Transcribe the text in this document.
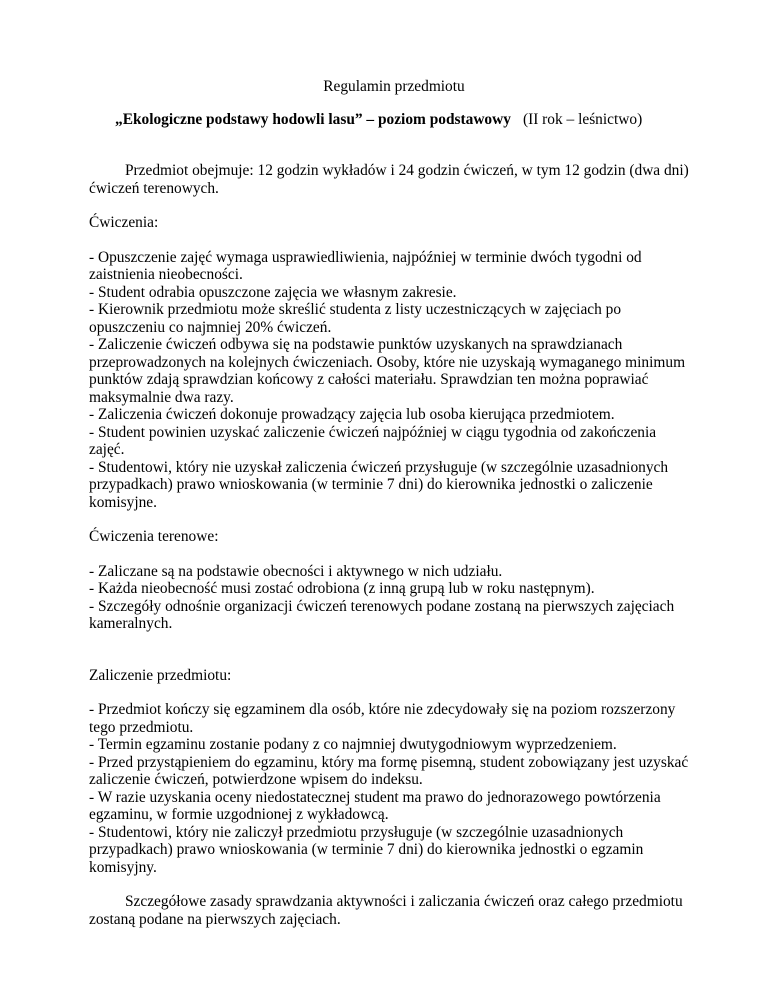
Regulamin przedmiotu

„Ekologiczne podstawy hodowli lasu” – poziom podstawowy (II rok – leśnictwo)

Przedmiot obejmuje: 12 godzin wykładów i 24 godzin ćwiczeń, w tym 12 godzin (dwa dni) ćwiczeń terenowych.

Ćwiczenia:

- Opuszczenie zajęć wymaga usprawiedliwienia, najpóźniej w terminie dwóch tygodni od zaistnienia nieobecności.

- Student odrabia opuszczone zajęcia we własnym zakresie.

- Kierownik przedmiotu może skreślić studenta z listy uczestniczących w zajęciach po opuszczeniu co najmniej 20% ćwiczeń.

- Zaliczenie ćwiczeń odbywa się na podstawie punktów uzyskanych na sprawdzianach przeprowadzonych na kolejnych ćwiczeniach. Osoby, które nie uzyskają wymaganego minimum punktów zdają sprawdzian końcowy z całości materiału. Sprawdzian ten można poprawiać maksymalnie dwa razy.

- Zaliczenia ćwiczeń dokonuje prowadzący zajęcia lub osoba kierująca przedmiotem.

- Student powinien uzyskać zaliczenie ćwiczeń najpóźniej w ciągu tygodnia od zakończenia zajęć.

- Studentowi, który nie uzyskał zaliczenia ćwiczeń przysługuje (w szczególnie uzasadnionych przypadkach) prawo wnioskowania (w terminie 7 dni) do kierownika jednostki o zaliczenie komisyjne.

Ćwiczenia terenowe:

- Zaliczane są na podstawie obecności i aktywnego w nich udziału.

- Każda nieobecność musi zostać odrobiona (z inną grupą lub w roku następnym).

- Szczegóły odnośnie organizacji ćwiczeń terenowych podane zostaną na pierwszych zajęciach kameralnych.

Zaliczenie przedmiotu:

- Przedmiot kończy się egzaminem dla osób, które nie zdecydowały się na poziom rozszerzony tego przedmiotu.

- Termin egzaminu zostanie podany z co najmniej dwutygodniowym wyprzedzeniem.

- Przed przystąpieniem do egzaminu, który ma formę pisemną, student zobowiązany jest uzyskać zaliczenie ćwiczeń, potwierdzone wpisem do indeksu.

- W razie uzyskania oceny niedostatecznej student ma prawo do jednorazowego powtórzenia egzaminu, w formie uzgodnionej z wykładowcą.

- Studentowi, który nie zaliczył przedmiotu przysługuje (w szczególnie uzasadnionych przypadkach) prawo wnioskowania (w terminie 7 dni) do kierownika jednostki o egzamin komisyjny.

Szczegółowe zasady sprawdzania aktywności i zaliczania ćwiczeń oraz całego przedmiotu zostaną podane na pierwszych zajęciach.
